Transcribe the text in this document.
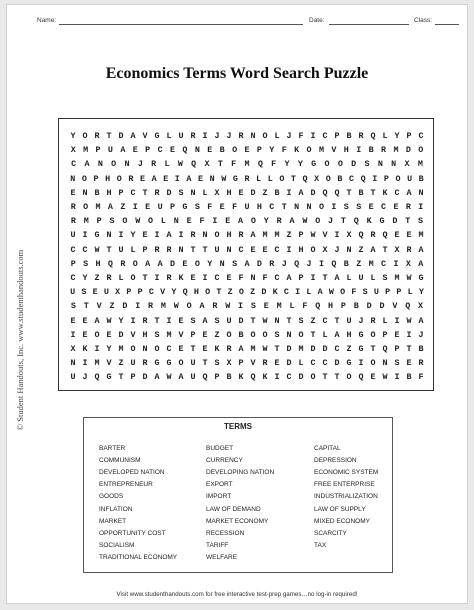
Name:	Date:	Class:
Economics Terms Word Search Puzzle
© Student Handouts, Inc. www.studenthandouts.com
Y O R T D A V G L U R I J J R N O L J F I C P B R Q L Y P C
X M P U A E P C E Q N E B O E P Y F K O M V H I B R M D O
C A N O N J R L W Q X T F M Q F Y Y G O O D S N N X M
N O P H O R E A E I A E N W G R L L O T Q X O B C Q I P O U B
E N B H P C T R D S N L X H E D Z B I A D Q Q T B T K C A N
R O M A Z I E U P G S F E F U H C T N N O I S S E C E R I
R M P S O W O L N E F I E A O Y R A W O J T Q K G D T S
U I G N I Y E I A I R N O H R A M M Z P W V I X Q R Q E E M
C C W T U L P R R N T T U N C E E C I H O X J N Z A T X R A
P S H Q R O A A D E O Y N S A D R J Q J I Q B Z M C I X A
C Y Z R L O T I R K E I C E F N F C A P I T A L U L S M W G
U S E U X P P C V Y Q H O T Z O Z D K C I L A W O F S U P P L Y
S T V Z D I R M W O A R W I S E M L F Q H P B D D V Q X
E E A W Y I R T I E S A S U D T W N T S Z C T U J R L I W A
I E O E D V H S M V P E Z O B O O S N O T L A H G O P E I J
X K I Y M O N O C E T E K R A M W T D M D D C Z G T Q P T B
N I M V Z U R G G O U T S X P V R E D L C C D G I O N S E R
U J Q G T P D A W A U Q P B K Q K I C D O T T O Q E W I B F
TERMS
BARTER
COMMUNISM
DEVELOPED NATION
ENTREPRENEUR
GOODS
INFLATION
MARKET
OPPORTUNITY COST
SOCIALISM
TRADITIONAL ECONOMY
BUDGET
CURRENCY
DEVELOPING NATION
EXPORT
IMPORT
LAW OF DEMAND
MARKET ECONOMY
RECESSION
TARIFF
WELFARE
CAPITAL
DEPRESSION
ECONOMIC SYSTEM
FREE ENTERPRISE
INDUSTRIALIZATION
LAW OF SUPPLY
MIXED ECONOMY
SCARCITY
TAX
Visit www.studenthandouts.com for free interactive test-prep games…no log-in required!
